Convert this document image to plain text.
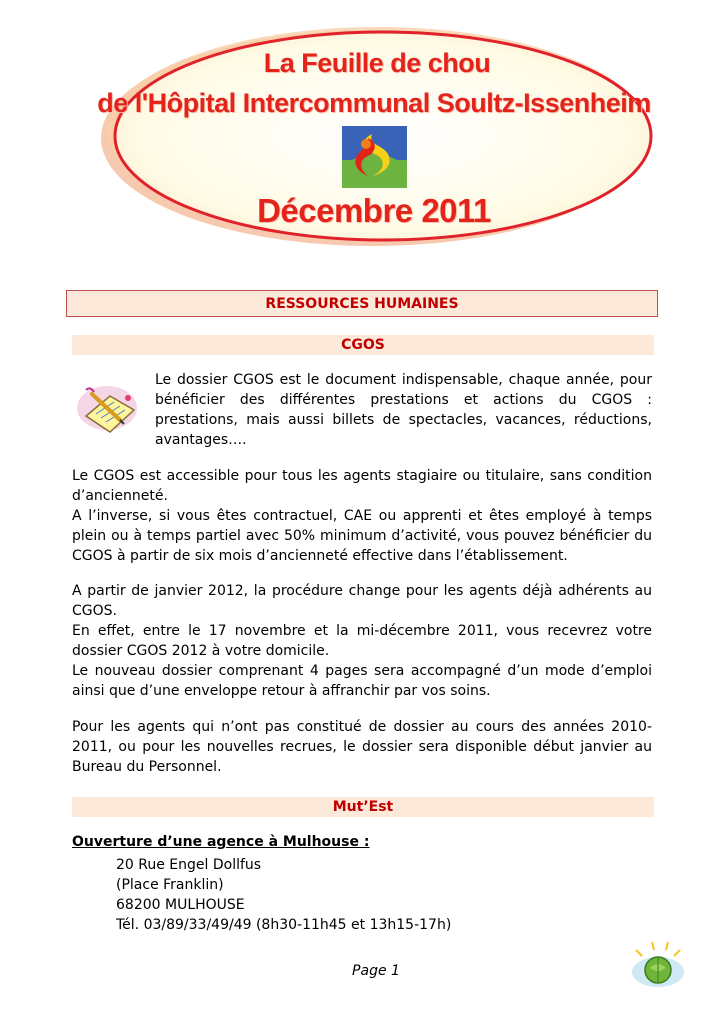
La Feuille de chou
de l'Hôpital Intercommunal Soultz-Issenheim
Décembre 2011
RESSOURCES HUMAINES
CGOS
Le dossier CGOS est le document indispensable, chaque année, pour bénéficier des différentes prestations et actions du CGOS : prestations, mais aussi billets de spectacles, vacances, réductions, avantages….
Le CGOS est accessible pour tous les agents stagiaire ou titulaire, sans condition d’ancienneté.
A l’inverse, si vous êtes contractuel, CAE ou apprenti et êtes employé à temps plein ou à temps partiel avec 50% minimum d’activité, vous pouvez bénéficier du CGOS à partir de six mois d’ancienneté effective dans l’établissement.
A partir de janvier 2012, la procédure change pour les agents déjà adhérents au CGOS.
En effet, entre le 17 novembre et la mi-décembre 2011, vous recevrez votre dossier CGOS 2012 à votre domicile.
Le nouveau dossier comprenant 4 pages sera accompagné d’un mode d’emploi ainsi que d’une enveloppe retour à affranchir par vos soins.
Pour les agents qui n’ont pas constitué de dossier au cours des années 2010-2011, ou pour les nouvelles recrues, le dossier sera disponible début janvier au Bureau du Personnel.
Mut’Est
Ouverture d’une agence à Mulhouse :
20 Rue Engel Dollfus
(Place Franklin)
68200 MULHOUSE
Tél. 03/89/33/49/49 (8h30-11h45 et 13h15-17h)
Page 1
